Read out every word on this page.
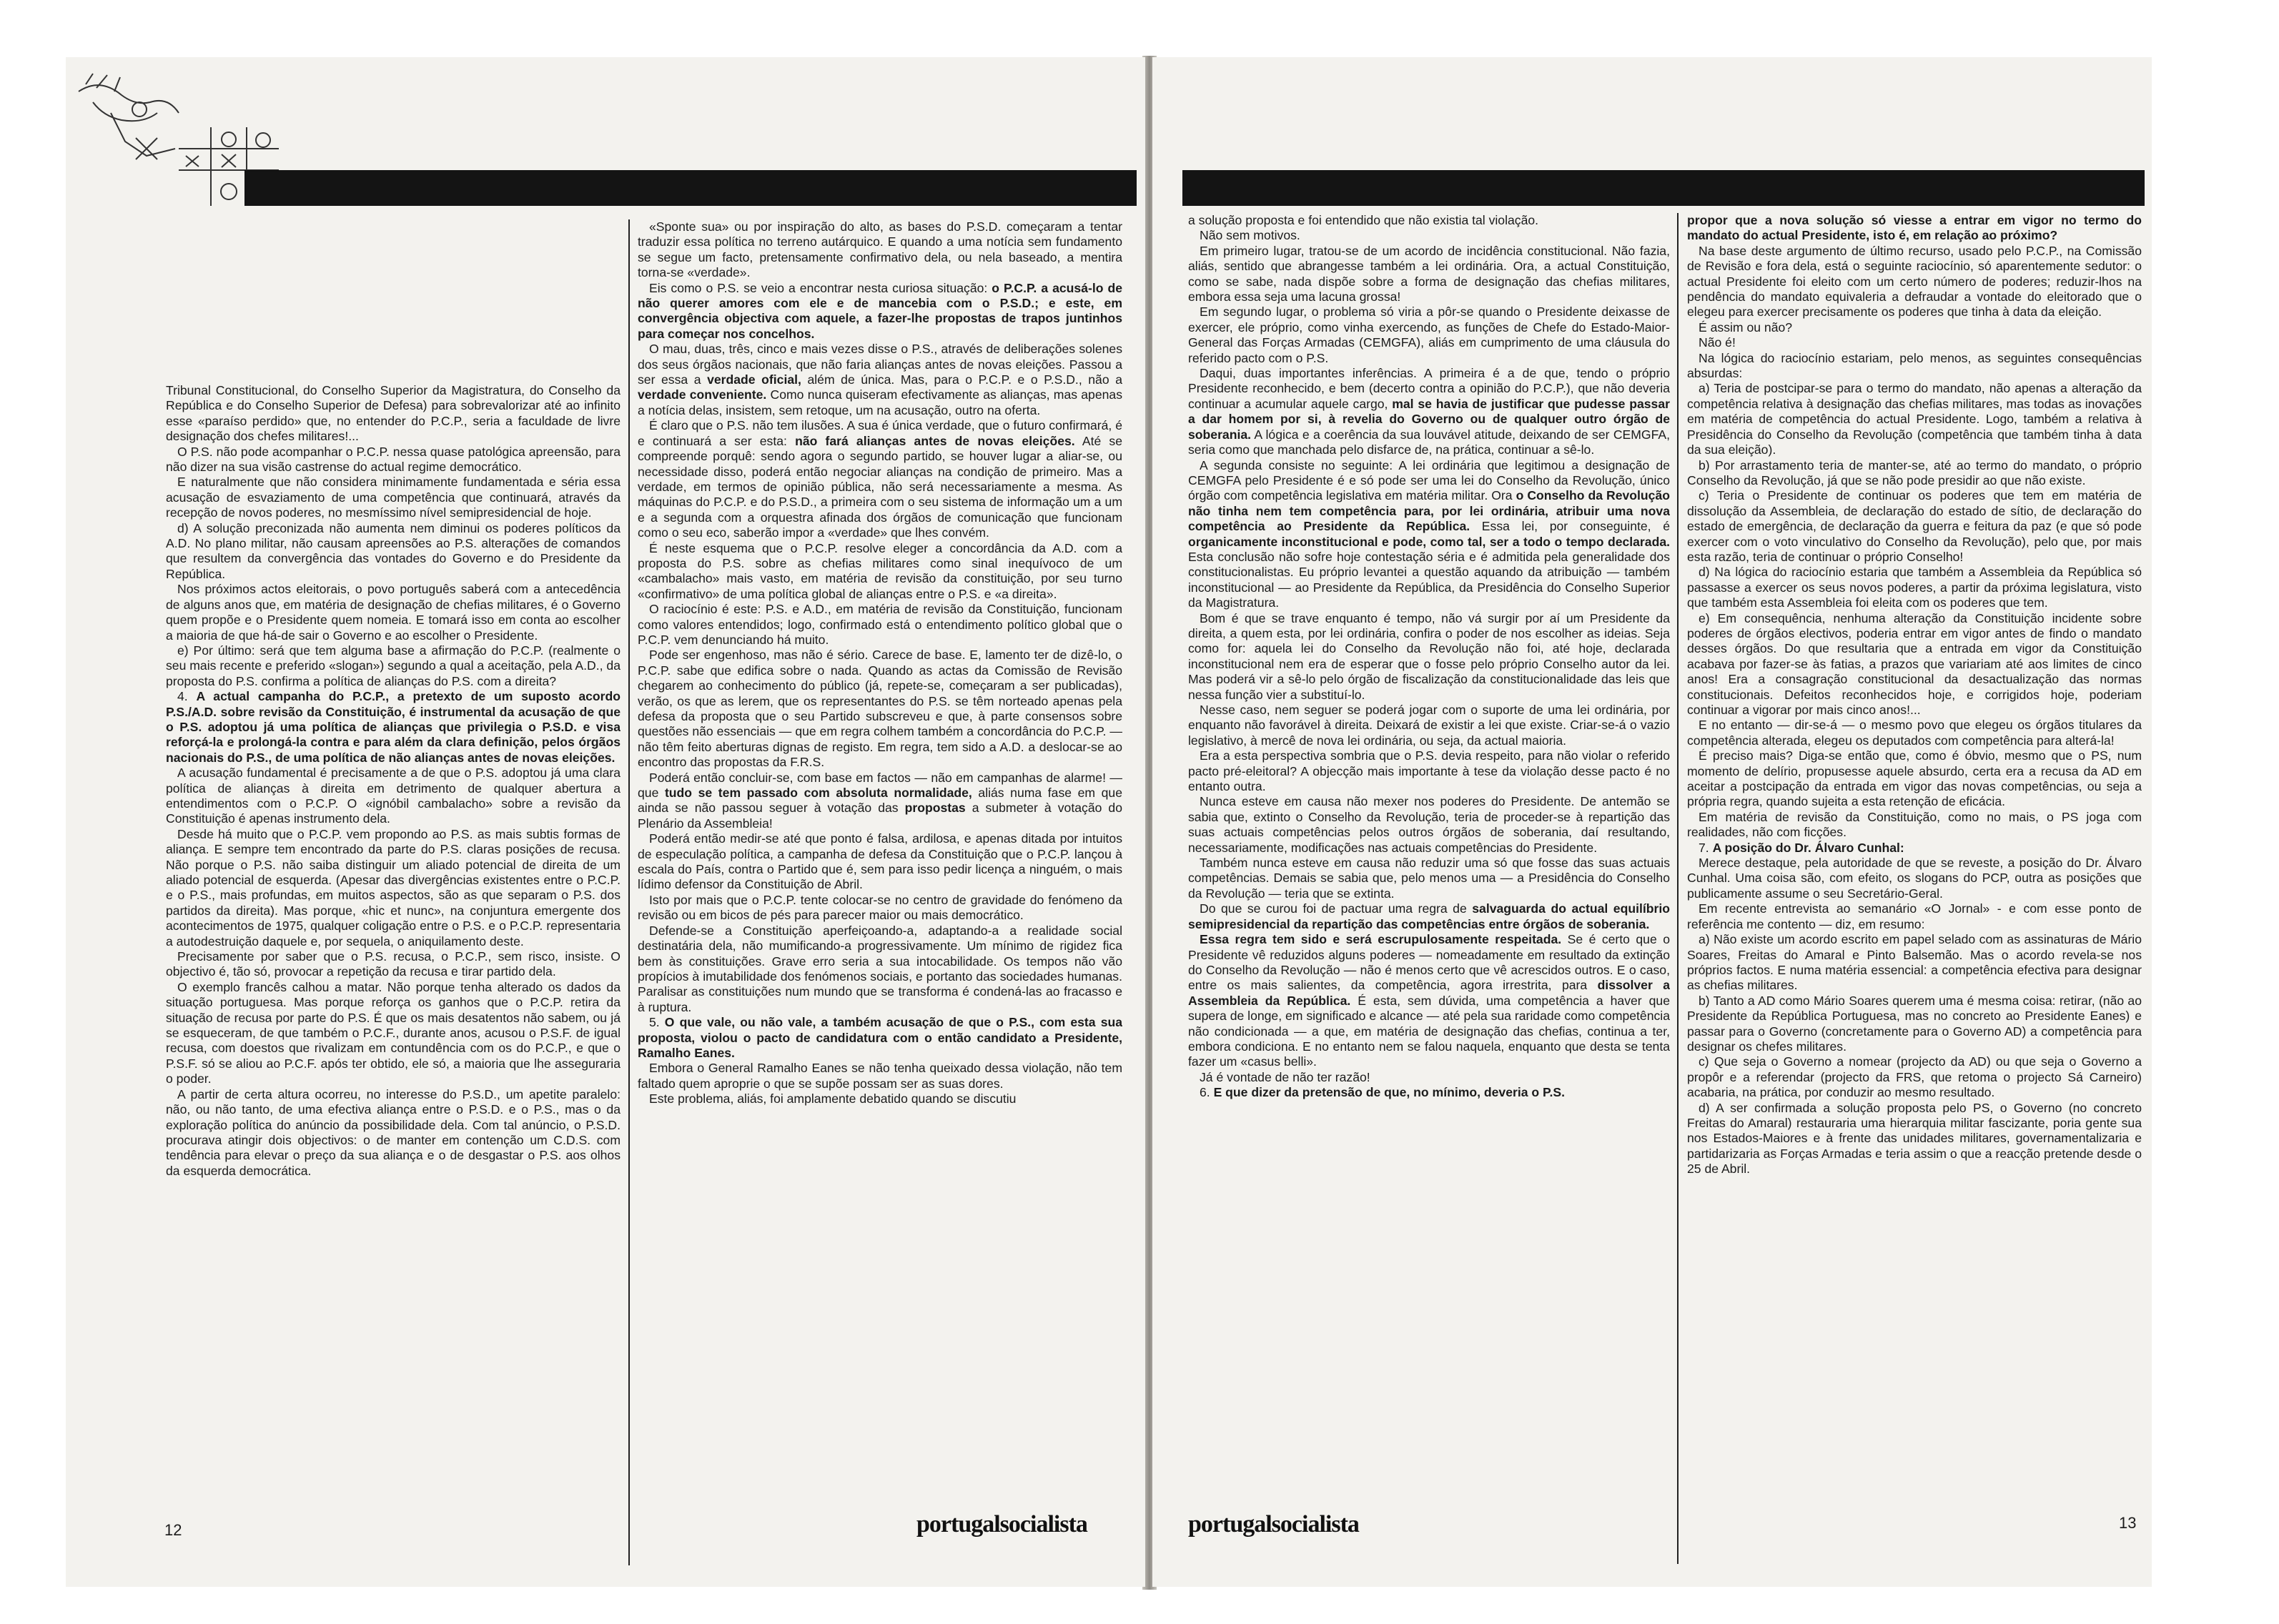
Tribunal Constitucional, do Conselho Superior da Magistratura, do Conselho da República e do Conselho Superior de Defesa) para sobrevalorizar até ao infinito esse «paraíso perdido» que, no entender do P.C.P., seria a faculdade de livre designação dos chefes militares!...

O P.S. não pode acompanhar o P.C.P. nessa quase patológica apreensão, para não dizer na sua visão castrense do actual regime democrático.

E naturalmente que não considera minimamente fundamentada e séria essa acusação de esvaziamento de uma competência que continuará, através da recepção de novos poderes, no mesmíssimo nível semipresidencial de hoje.

d) A solução preconizada não aumenta nem diminui os poderes políticos da A.D. No plano militar, não causam apreensões ao P.S. alterações de comandos que resultem da convergência das vontades do Governo e do Presidente da República.

Nos próximos actos eleitorais, o povo português saberá com a antecedência de alguns anos que, em matéria de designação de chefias militares, é o Governo quem propõe e o Presidente quem nomeia. E tomará isso em conta ao escolher a maioria de que há-de sair o Governo e ao escolher o Presidente.

e) Por último: será que tem alguma base a afirmação do P.C.P. (realmente o seu mais recente e preferido «slogan») segundo a qual a aceitação, pela A.D., da proposta do P.S. confirma a política de alianças do P.S. com a direita?

4. A actual campanha do P.C.P., a pretexto de um suposto acordo P.S./A.D. sobre revisão da Constituição, é instrumental da acusação de que o P.S. adoptou já uma política de alianças que privilegia o P.S.D. e visa reforçá-la e prolongá-la contra e para além da clara definição, pelos órgãos nacionais do P.S., de uma política de não alianças antes de novas eleições.

A acusação fundamental é precisamente a de que o P.S. adoptou já uma clara política de alianças à direita em detrimento de qualquer abertura a entendimentos com o P.C.P. O «ignóbil cambalacho» sobre a revisão da Constituição é apenas instrumento dela.

Desde há muito que o P.C.P. vem propondo ao P.S. as mais subtis formas de aliança. E sempre tem encontrado da parte do P.S. claras posições de recusa. Não porque o P.S. não saiba distinguir um aliado potencial de direita de um aliado potencial de esquerda. (Apesar das divergências existentes entre o P.C.P. e o P.S., mais profundas, em muitos aspectos, são as que separam o P.S. dos partidos da direita). Mas porque, «hic et nunc», na conjuntura emergente dos acontecimentos de 1975, qualquer coligação entre o P.S. e o P.C.P. representaria a autodestruição daquele e, por sequela, o aniquilamento deste.

Precisamente por saber que o P.S. recusa, o P.C.P., sem risco, insiste. O objectivo é, tão só, provocar a repetição da recusa e tirar partido dela.

O exemplo francês calhou a matar. Não porque tenha alterado os dados da situação portuguesa. Mas porque reforça os ganhos que o P.C.P. retira da situação de recusa por parte do P.S. É que os mais desatentos não sabem, ou já se esqueceram, de que também o P.C.F., durante anos, acusou o P.S.F. de igual recusa, com doestos que rivalizam em contundência com os do P.C.P., e que o P.S.F. só se aliou ao P.C.F. após ter obtido, ele só, a maioria que lhe asseguraria o poder.

A partir de certa altura ocorreu, no interesse do P.S.D., um apetite paralelo: não, ou não tanto, de uma efectiva aliança entre o P.S.D. e o P.S., mas o da exploração política do anúncio da possibilidade dela. Com tal anúncio, o P.S.D. procurava atingir dois objectivos: o de manter em contenção um C.D.S. com tendência para elevar o preço da sua aliança e o de desgastar o P.S. aos olhos da esquerda democrática.

«Sponte sua» ou por inspiração do alto, as bases do P.S.D. começaram a tentar traduzir essa política no terreno autárquico. E quando a uma notícia sem fundamento se segue um facto, pretensamente confirmativo dela, ou nela baseado, a mentira torna-se «verdade».

Eis como o P.S. se veio a encontrar nesta curiosa situação: o P.C.P. a acusá-lo de não querer amores com ele e de mancebia com o P.S.D.; e este, em convergência objectiva com aquele, a fazer-lhe propostas de trapos juntinhos para começar nos concelhos.

O mau, duas, três, cinco e mais vezes disse o P.S., através de deliberações solenes dos seus órgãos nacionais, que não faria alianças antes de novas eleições. Passou a ser essa a verdade oficial, além de única. Mas, para o P.C.P. e o P.S.D., não a verdade conveniente. Como nunca quiseram efectivamente as alianças, mas apenas a notícia delas, insistem, sem retoque, um na acusação, outro na oferta.

É claro que o P.S. não tem ilusões. A sua é única verdade, que o futuro confirmará, é e continuará a ser esta: não fará alianças antes de novas eleições. Até se compreende porquê: sendo agora o segundo partido, se houver lugar a aliar-se, ou necessidade disso, poderá então negociar alianças na condição de primeiro. Mas a verdade, em termos de opinião pública, não será necessariamente a mesma. As máquinas do P.C.P. e do P.S.D., a primeira com o seu sistema de informação um a um e a segunda com a orquestra afinada dos órgãos de comunicação que funcionam como o seu eco, saberão impor a «verdade» que lhes convém.

É neste esquema que o P.C.P. resolve eleger a concordância da A.D. com a proposta do P.S. sobre as chefias militares como sinal inequívoco de um «cambalacho» mais vasto, em matéria de revisão da constituição, por seu turno «confirmativo» de uma política global de alianças entre o P.S. e «a direita».

O raciocínio é este: P.S. e A.D., em matéria de revisão da Constituição, funcionam como valores entendidos; logo, confirmado está o entendimento político global que o P.C.P. vem denunciando há muito.

Pode ser engenhoso, mas não é sério. Carece de base. E, lamento ter de dizê-lo, o P.C.P. sabe que edifica sobre o nada. Quando as actas da Comissão de Revisão chegarem ao conhecimento do público (já, repete-se, começaram a ser publicadas), verão, os que as lerem, que os representantes do P.S. se têm norteado apenas pela defesa da proposta que o seu Partido subscreveu e que, à parte consensos sobre questões não essenciais — que em regra colhem também a concordância do P.C.P. — não têm feito aberturas dignas de registo. Em regra, tem sido a A.D. a deslocar-se ao encontro das propostas da F.R.S.

Poderá então concluir-se, com base em factos — não em campanhas de alarme! — que tudo se tem passado com absoluta normalidade, aliás numa fase em que ainda se não passou seguer à votação das propostas a submeter à votação do Plenário da Assembleia!

Poderá então medir-se até que ponto é falsa, ardilosa, e apenas ditada por intuitos de especulação política, a campanha de defesa da Constituição que o P.C.P. lançou à escala do País, contra o Partido que é, sem para isso pedir licença a ninguém, o mais lídimo defensor da Constituição de Abril.

Isto por mais que o P.C.P. tente colocar-se no centro de gravidade do fenómeno da revisão ou em bicos de pés para parecer maior ou mais democrático.

Defende-se a Constituição aperfeiçoando-a, adaptando-a a realidade social destinatária dela, não mumificando-a progressivamente. Um mínimo de rigidez fica bem às constituições. Grave erro seria a sua intocabilidade. Os tempos não vão propícios à imutabilidade dos fenómenos sociais, e portanto das sociedades humanas. Paralisar as constituições num mundo que se transforma é condená-las ao fracasso e à ruptura.

5. O que vale, ou não vale, a também acusação de que o P.S., com esta sua proposta, violou o pacto de candidatura com o então candidato a Presidente, Ramalho Eanes.

Embora o General Ramalho Eanes se não tenha queixado dessa violação, não tem faltado quem aproprie o que se supõe possam ser as suas dores.

Este problema, aliás, foi amplamente debatido quando se discutiu

12	portugalsocialista

a solução proposta e foi entendido que não existia tal violação.

Não sem motivos.

Em primeiro lugar, tratou-se de um acordo de incidência constitucional. Não fazia, aliás, sentido que abrangesse também a lei ordinária. Ora, a actual Constituição, como se sabe, nada dispõe sobre a forma de designação das chefias militares, embora essa seja uma lacuna grossa!

Em segundo lugar, o problema só viria a pôr-se quando o Presidente deixasse de exercer, ele próprio, como vinha exercendo, as funções de Chefe do Estado-Maior-General das Forças Armadas (CEMGFA), aliás em cumprimento de uma cláusula do referido pacto com o P.S.

Daqui, duas importantes inferências. A primeira é a de que, tendo o próprio Presidente reconhecido, e bem (decerto contra a opinião do P.C.P.), que não deveria continuar a acumular aquele cargo, mal se havia de justificar que pudesse passar a dar homem por si, à revelia do Governo ou de qualquer outro órgão de soberania. A lógica e a coerência da sua louvável atitude, deixando de ser CEMGFA, seria como que manchada pelo disfarce de, na prática, continuar a sê-lo.

A segunda consiste no seguinte: A lei ordinária que legitimou a designação de CEMGFA pelo Presidente é e só pode ser uma lei do Conselho da Revolução, único órgão com competência legislativa em matéria militar. Ora o Conselho da Revolução não tinha nem tem competência para, por lei ordinária, atribuir uma nova competência ao Presidente da República. Essa lei, por conseguinte, é organicamente inconstitucional e pode, como tal, ser a todo o tempo declarada. Esta conclusão não sofre hoje contestação séria e é admitida pela generalidade dos constitucionalistas. Eu próprio levantei a questão aquando da atribuição — também inconstitucional — ao Presidente da República, da Presidência do Conselho Superior da Magistratura.

Bom é que se trave enquanto é tempo, não vá surgir por aí um Presidente da direita, a quem esta, por lei ordinária, confira o poder de nos escolher as ideias. Seja como for: aquela lei do Conselho da Revolução não foi, até hoje, declarada inconstitucional nem era de esperar que o fosse pelo próprio Conselho autor da lei. Mas poderá vir a sê-lo pelo órgão de fiscalização da constitucionalidade das leis que nessa função vier a substituí-lo.

Nesse caso, nem seguer se poderá jogar com o suporte de uma lei ordinária, por enquanto não favorável à direita. Deixará de existir a lei que existe. Criar-se-á o vazio legislativo, à mercê de nova lei ordinária, ou seja, da actual maioria.

Era a esta perspectiva sombria que o P.S. devia respeito, para não violar o referido pacto pré-eleitoral? A objecção mais importante à tese da violação desse pacto é no entanto outra.

Nunca esteve em causa não mexer nos poderes do Presidente. De antemão se sabia que, extinto o Conselho da Revolução, teria de proceder-se à repartição das suas actuais competências pelos outros órgãos de soberania, daí resultando, necessariamente, modificações nas actuais competências do Presidente.

Também nunca esteve em causa não reduzir uma só que fosse das suas actuais competências. Demais se sabia que, pelo menos uma — a Presidência do Conselho da Revolução — teria que se extinta.

Do que se curou foi de pactuar uma regra de salvaguarda do actual equilíbrio semipresidencial da repartição das competências entre órgãos de soberania.

Essa regra tem sido e será escrupulosamente respeitada. Se é certo que o Presidente vê reduzidos alguns poderes — nomeadamente em resultado da extinção do Conselho da Revolução — não é menos certo que vê acrescidos outros. E o caso, entre os mais salientes, da competência, agora irrestrita, para dissolver a Assembleia da República. É esta, sem dúvida, uma competência a haver que supera de longe, em significado e alcance — até pela sua raridade como competência não condicionada — a que, em matéria de designação das chefias, continua a ter, embora condiciona. E no entanto nem se falou naquela, enquanto que desta se tenta fazer um «casus belli».

Já é vontade de não ter razão!

6. E que dizer da pretensão de que, no mínimo, deveria o P.S.

propor que a nova solução só viesse a entrar em vigor no termo do mandato do actual Presidente, isto é, em relação ao próximo?

Na base deste argumento de último recurso, usado pelo P.C.P., na Comissão de Revisão e fora dela, está o seguinte raciocínio, só aparentemente sedutor: o actual Presidente foi eleito com um certo número de poderes; reduzir-lhos na pendência do mandato equivaleria a defraudar a vontade do eleitorado que o elegeu para exercer precisamente os poderes que tinha à data da eleição.

É assim ou não?

Não é!

Na lógica do raciocínio estariam, pelo menos, as seguintes consequências absurdas:

a) Teria de postcipar-se para o termo do mandato, não apenas a alteração da competência relativa à designação das chefias militares, mas todas as inovações em matéria de competência do actual Presidente. Logo, também a relativa à Presidência do Conselho da Revolução (competência que também tinha à data da sua eleição).

b) Por arrastamento teria de manter-se, até ao termo do mandato, o próprio Conselho da Revolução, já que se não pode presidir ao que não existe.

c) Teria o Presidente de continuar os poderes que tem em matéria de dissolução da Assembleia, de declaração do estado de sítio, de declaração do estado de emergência, de declaração da guerra e feitura da paz (e que só pode exercer com o voto vinculativo do Conselho da Revolução), pelo que, por mais esta razão, teria de continuar o próprio Conselho!

d) Na lógica do raciocínio estaria que também a Assembleia da República só passasse a exercer os seus novos poderes, a partir da próxima legislatura, visto que também esta Assembleia foi eleita com os poderes que tem.

e) Em consequência, nenhuma alteração da Constituição incidente sobre poderes de órgãos electivos, poderia entrar em vigor antes de findo o mandato desses órgãos. Do que resultaria que a entrada em vigor da Constituição acabava por fazer-se às fatias, a prazos que variariam até aos limites de cinco anos! Era a consagração constitucional da desactualização das normas constitucionais. Defeitos reconhecidos hoje, e corrigidos hoje, poderiam continuar a vigorar por mais cinco anos!...

E no entanto — dir-se-á — o mesmo povo que elegeu os órgãos titulares da competência alterada, elegeu os deputados com competência para alterá-la!

É preciso mais? Diga-se então que, como é óbvio, mesmo que o PS, num momento de delírio, propusesse aquele absurdo, certa era a recusa da AD em aceitar a postcipação da entrada em vigor das novas competências, ou seja a própria regra, quando sujeita a esta retenção de eficácia.

Em matéria de revisão da Constituição, como no mais, o PS joga com realidades, não com ficções.

7. A posição do Dr. Álvaro Cunhal:

Merece destaque, pela autoridade de que se reveste, a posição do Dr. Álvaro Cunhal. Uma coisa são, com efeito, os slogans do PCP, outra as posições que publicamente assume o seu Secretário-Geral.

Em recente entrevista ao semanário «O Jornal» - e com esse ponto de referência me contento — diz, em resumo:

a) Não existe um acordo escrito em papel selado com as assinaturas de Mário Soares, Freitas do Amaral e Pinto Balsemão. Mas o acordo revela-se nos próprios factos. E numa matéria essencial: a competência efectiva para designar as chefias militares.

b) Tanto a AD como Mário Soares querem uma é mesma coisa: retirar, (não ao Presidente da República Portuguesa, mas no concreto ao Presidente Eanes) e passar para o Governo (concretamente para o Governo AD) a competência para designar os chefes militares.

c) Que seja o Governo a nomear (projecto da AD) ou que seja o Governo a propôr e a referendar (projecto da FRS, que retoma o projecto Sá Carneiro) acabaria, na prática, por conduzir ao mesmo resultado.

d) A ser confirmada a solução proposta pelo PS, o Governo (no concreto Freitas do Amaral) restauraria uma hierarquia militar fascizante, poria gente sua nos Estados-Maiores e à frente das unidades militares, governamentalizaria e partidarizaria as Forças Armadas e teria assim o que a reacção pretende desde o 25 de Abril.

portugalsocialista	13
